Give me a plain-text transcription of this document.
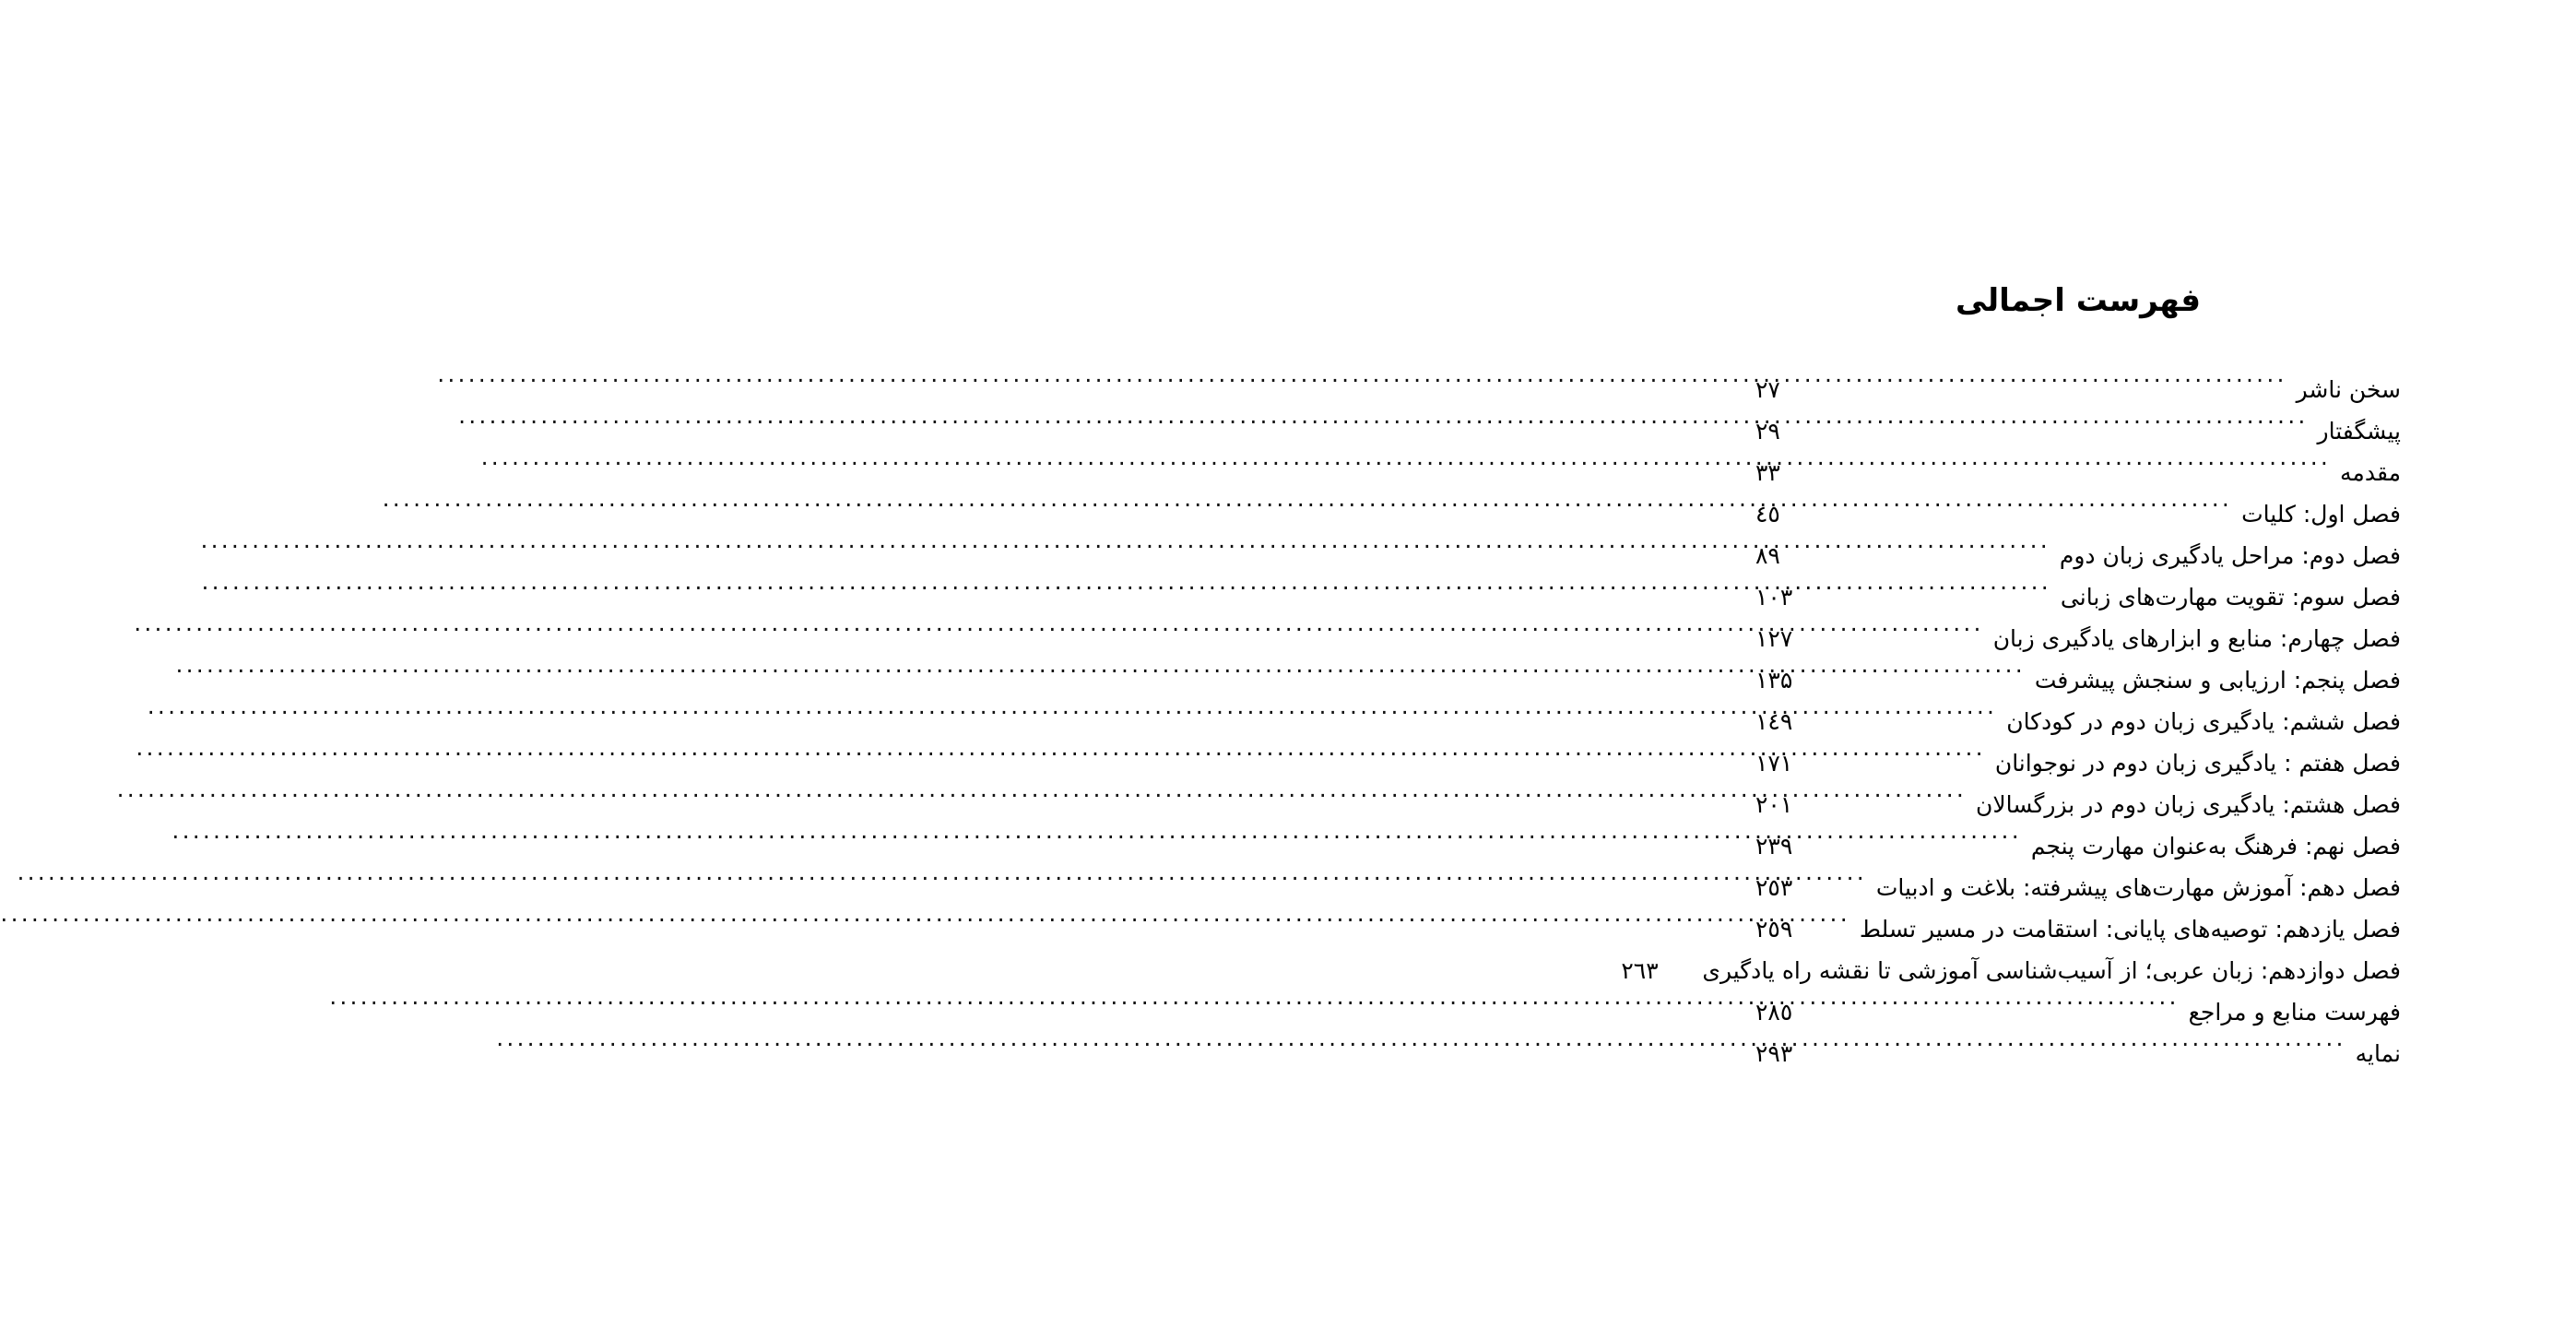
فهرست اجمالی
سخن ناشر
.....
۲۷
پیشگفتار
.....
۲۹
مقدمه
.....
۳۳
فصل اول: کلیات
.....
٤٥
فصل دوم: مراحل یادگیری زبان دوم
.....
۸۹
فصل سوم: تقویت مهارت‌های زبانی
.....
۱۰۳
فصل چهارم: منابع و ابزارهای یادگیری زبان
.....
۱۲۷
فصل پنجم: ارزیابی و سنجش پیشرفت
.....
۱۳۵
فصل ششم: یادگیری زبان دوم در کودکان
.....
۱٤۹
فصل هفتم : یادگیری زبان دوم در نوجوانان
.....
۱۷۱
فصل هشتم: یادگیری زبان دوم در بزرگسالان
.....
۲۰۱
فصل نهم: فرهنگ به‌عنوان مهارت پنجم
.....
۲۳۹
فصل دهم: آموزش مهارت‌های پیشرفته: بلاغت و ادبیات
.....
۲٥۳
فصل یازدهم: توصیه‌های پایانی: استقامت در مسیر تسلط
.....
۲٥۹
فصل دوازدهم: زبان عربی؛ از آسیب‌شناسی آموزشی تا نقشه راه یادگیری
۲٦۳
فهرست منابع و مراجع
.....
۲۸٥
نمایه
.....
۲۹۳
